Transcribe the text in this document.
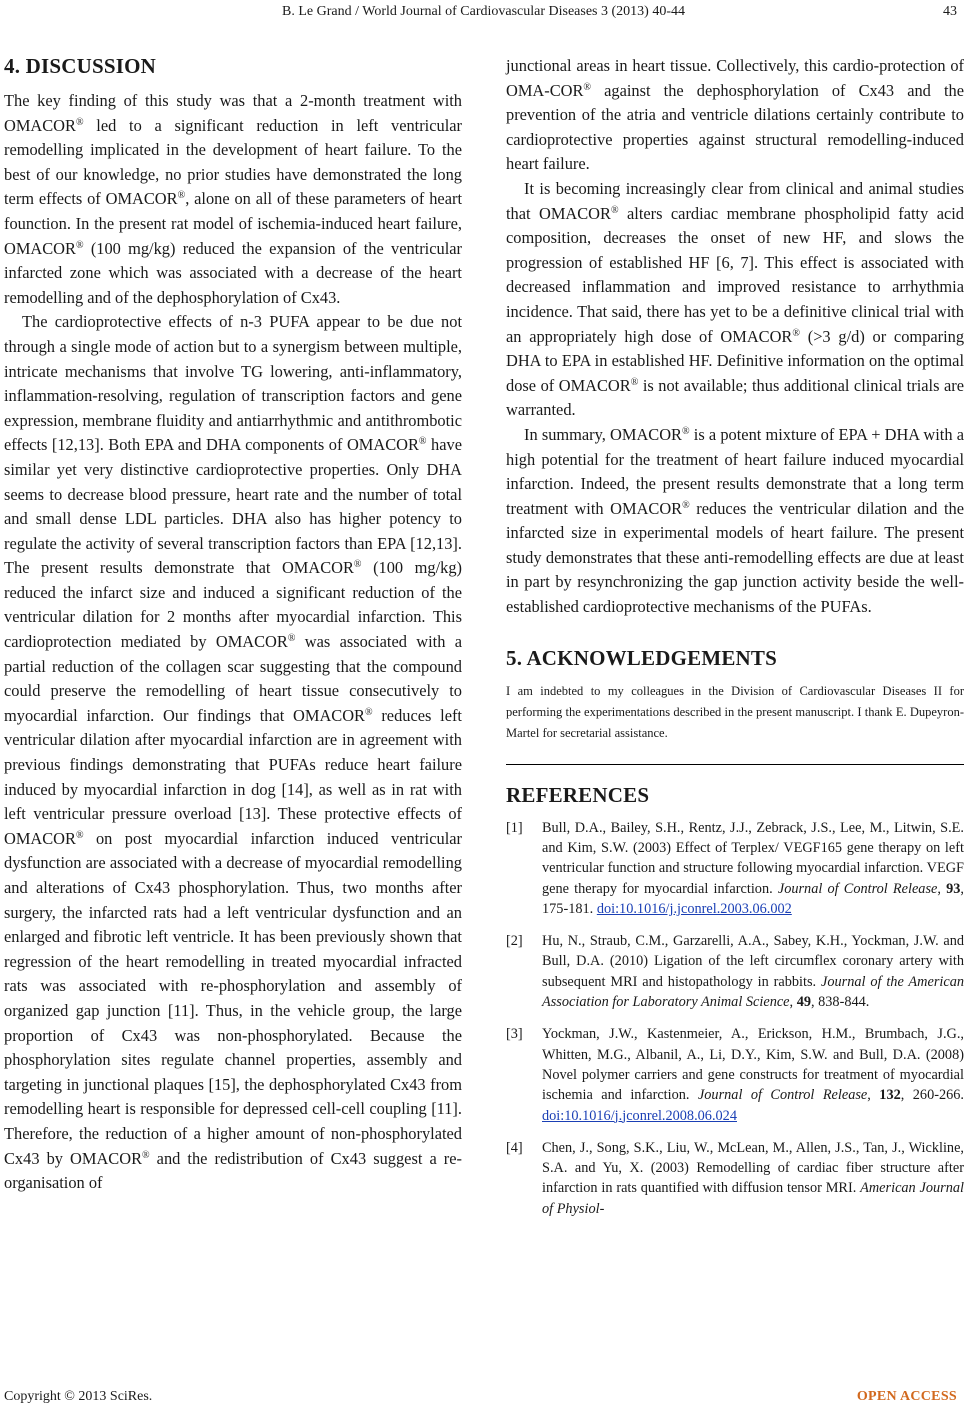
B. Le Grand / World Journal of Cardiovascular Diseases 3 (2013) 40-44	43
4. DISCUSSION

The key finding of this study was that a 2-month treatment with OMACOR® led to a significant reduction in left ventricular remodelling implicated in the development of heart failure. To the best of our knowledge, no prior studies have demonstrated the long term effects of OMACOR®, alone on all of these parameters of heart founction. In the present rat model of ischemia-induced heart failure, OMACOR® (100 mg/kg) reduced the expansion of the ventricular infarcted zone which was associated with a decrease of the heart remodelling and of the dephosphorylation of Cx43.

The cardioprotective effects of n-3 PUFA appear to be due not through a single mode of action but to a synergism between multiple, intricate mechanisms that involve TG lowering, anti-inflammatory, inflammation-resolving, regulation of transcription factors and gene expression, membrane fluidity and antiarrhythmic and antithrombotic effects [12,13]. Both EPA and DHA components of OMACOR® have similar yet very distinctive cardioprotective properties. Only DHA seems to decrease blood pressure, heart rate and the number of total and small dense LDL particles. DHA also has higher potency to regulate the activity of several transcription factors than EPA [12,13]. The present results demonstrate that OMACOR® (100 mg/kg) reduced the infarct size and induced a significant reduction of the ventricular dilation for 2 months after myocardial infarction. This cardioprotection mediated by OMACOR® was associated with a partial reduction of the collagen scar suggesting that the compound could preserve the remodelling of heart tissue consecutively to myocardial infarction. Our findings that OMACOR® reduces left ventricular dilation after myocardial infarction are in agreement with previous findings demonstrating that PUFAs reduce heart failure induced by myocardial infarction in dog [14], as well as in rat with left ventricular pressure overload [13]. These protective effects of OMACOR® on post myocardial infarction induced ventricular dysfunction are associated with a decrease of myocardial remodelling and alterations of Cx43 phosphorylation. Thus, two months after surgery, the infarcted rats had a left ventricular dysfunction and an enlarged and fibrotic left ventricle. It has been previously shown that regression of the heart remodelling in treated myocardial infracted rats was associated with re-phosphorylation and assembly of organized gap junction [11]. Thus, in the vehicle group, the large proportion of Cx43 was non-phosphorylated. Because the phosphorylation sites regulate channel properties, assembly and targeting in junctional plaques [15], the dephosphorylated Cx43 from remodelling heart is responsible for depressed cell-cell coupling [11]. Therefore, the reduction of a higher amount of non-phosphorylated Cx43 by OMACOR® and the redistribution of Cx43 suggest a re-organisation of

junctional areas in heart tissue. Collectively, this cardio-protection of OMA-COR® against the dephosphorylation of Cx43 and the prevention of the atria and ventricle dilations certainly contribute to cardioprotective properties against structural remodelling-induced heart failure.

It is becoming increasingly clear from clinical and animal studies that OMACOR® alters cardiac membrane phospholipid fatty acid composition, decreases the onset of new HF, and slows the progression of established HF [6, 7]. This effect is associated with decreased inflammation and improved resistance to arrhythmia incidence. That said, there has yet to be a definitive clinical trial with an appropriately high dose of OMACOR® (>3 g/d) or comparing DHA to EPA in established HF. Definitive information on the optimal dose of OMACOR® is not available; thus additional clinical trials are warranted.

In summary, OMACOR® is a potent mixture of EPA + DHA with a high potential for the treatment of heart failure induced myocardial infarction. Indeed, the present results demonstrate that a long term treatment with OMACOR® reduces the ventricular dilation and the infarcted size in experimental models of heart failure. The present study demonstrates that these anti-remodelling effects are due at least in part by resynchronizing the gap junction activity beside the well-established cardioprotective mechanisms of the PUFAs.

5. ACKNOWLEDGEMENTS

I am indebted to my colleagues in the Division of Cardiovascular Diseases II for performing the experimentations described in the present manuscript. I thank E. Dupeyron-Martel for secretarial assistance.

REFERENCES
[1] Bull, D.A., Bailey, S.H., Rentz, J.J., Zebrack, J.S., Lee, M., Litwin, S.E. and Kim, S.W. (2003) Effect of Terplex/ VEGF165 gene therapy on left ventricular function and structure following myocardial infarction. VEGF gene therapy for myocardial infarction. Journal of Control Release, 93, 175-181. doi:10.1016/j.jconrel.2003.06.002
[2] Hu, N., Straub, C.M., Garzarelli, A.A., Sabey, K.H., Yockman, J.W. and Bull, D.A. (2010) Ligation of the left circumflex coronary artery with subsequent MRI and histopathology in rabbits. Journal of the American Association for Laboratory Animal Science, 49, 838-844.
[3] Yockman, J.W., Kastenmeier, A., Erickson, H.M., Brumbach, J.G., Whitten, M.G., Albanil, A., Li, D.Y., Kim, S.W. and Bull, D.A. (2008) Novel polymer carriers and gene constructs for treatment of myocardial ischemia and infarction. Journal of Control Release, 132, 260-266. doi:10.1016/j.jconrel.2008.06.024
[4] Chen, J., Song, S.K., Liu, W., McLean, M., Allen, J.S., Tan, J., Wickline, S.A. and Yu, X. (2003) Remodelling of cardiac fiber structure after infarction in rats quantified with diffusion tensor MRI. American Journal of Physiol-
Copyright © 2013 SciRes.	OPEN ACCESS
